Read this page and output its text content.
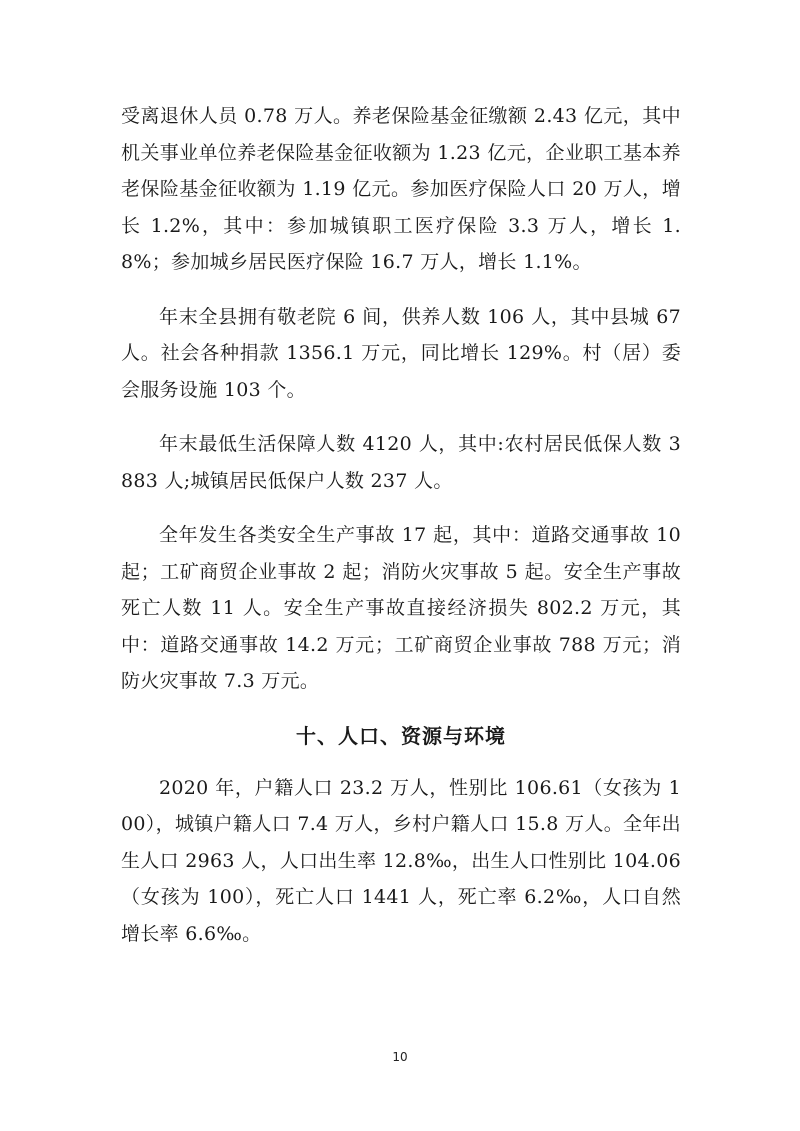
受离退休人员 0.78 万人。养老保险基金征缴额 2.43 亿元，其中机关事业单位养老保险基金征收额为 1.23 亿元，企业职工基本养老保险基金征收额为 1.19 亿元。参加医疗保险人口 20 万人，增长 1.2%，其中：参加城镇职工医疗保险 3.3 万人，增长 1.8%；参加城乡居民医疗保险 16.7 万人，增长 1.1%。

年末全县拥有敬老院 6 间，供养人数 106 人，其中县城 67 人。社会各种捐款 1356.1 万元，同比增长 129%。村（居）委会服务设施 103 个。

年末最低生活保障人数 4120 人，其中:农村居民低保人数 3883 人;城镇居民低保户人数 237 人。

全年发生各类安全生产事故 17 起，其中：道路交通事故 10 起；工矿商贸企业事故 2 起；消防火灾事故 5 起。安全生产事故死亡人数 11 人。安全生产事故直接经济损失 802.2 万元，其中：道路交通事故 14.2 万元；工矿商贸企业事故 788 万元；消防火灾事故 7.3 万元。

十、人口、资源与环境

2020 年，户籍人口 23.2 万人，性别比 106.61（女孩为 100），城镇户籍人口 7.4 万人，乡村户籍人口 15.8 万人。全年出生人口 2963 人，人口出生率 12.8‰，出生人口性别比 104.06（女孩为 100），死亡人口 1441 人，死亡率 6.2‰，人口自然增长率 6.6‰。

10
